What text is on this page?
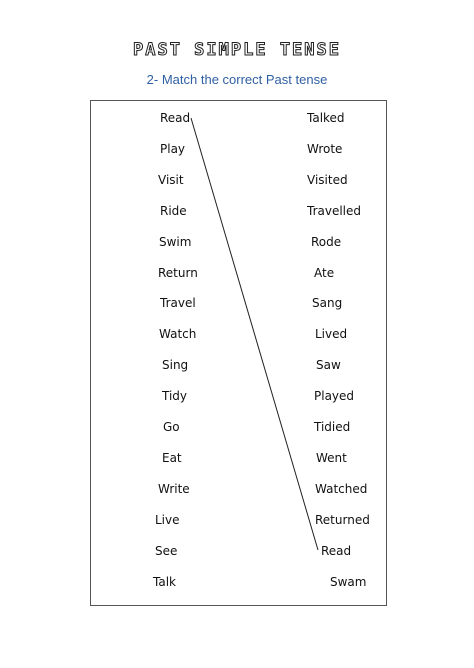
PAST SIMPLE TENSE
2- Match the correct Past tense
Read
Play
Visit
Ride
Swim
Return
Travel
Watch
Sing
Tidy
Go
Eat
Write
Live
See
Talk
Talked
Wrote
Visited
Travelled
Rode
Ate
Sang
Lived
Saw
Played
Tidied
Went
Watched
Returned
Read
Swam
